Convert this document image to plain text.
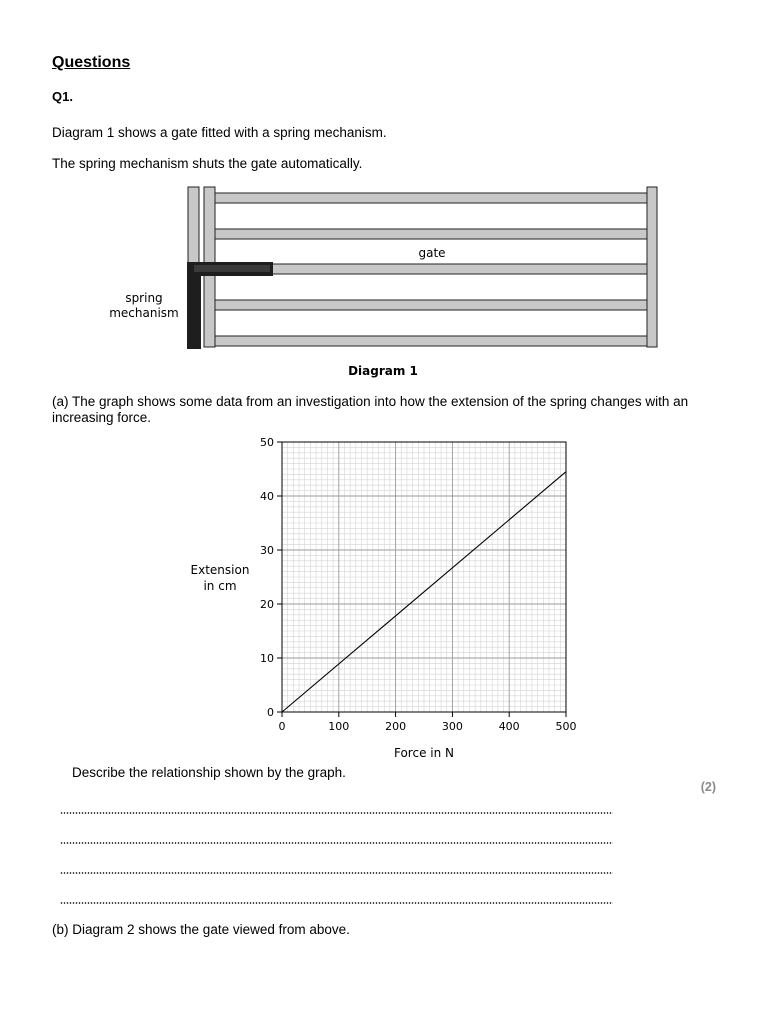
Questions
Q1.
Diagram 1 shows a gate fitted with a spring mechanism.
The spring mechanism shuts the gate automatically.
gate
spring
mechanism
Diagram 1
(a) The graph shows some data from an investigation into how the extension of the spring changes with an increasing force.
0	100	200	300	400	500
0
10
20
30
40
50
Extension
in cm
Force in N
Describe the relationship shown by the graph.
(2)
(b) Diagram 2 shows the gate viewed from above.
